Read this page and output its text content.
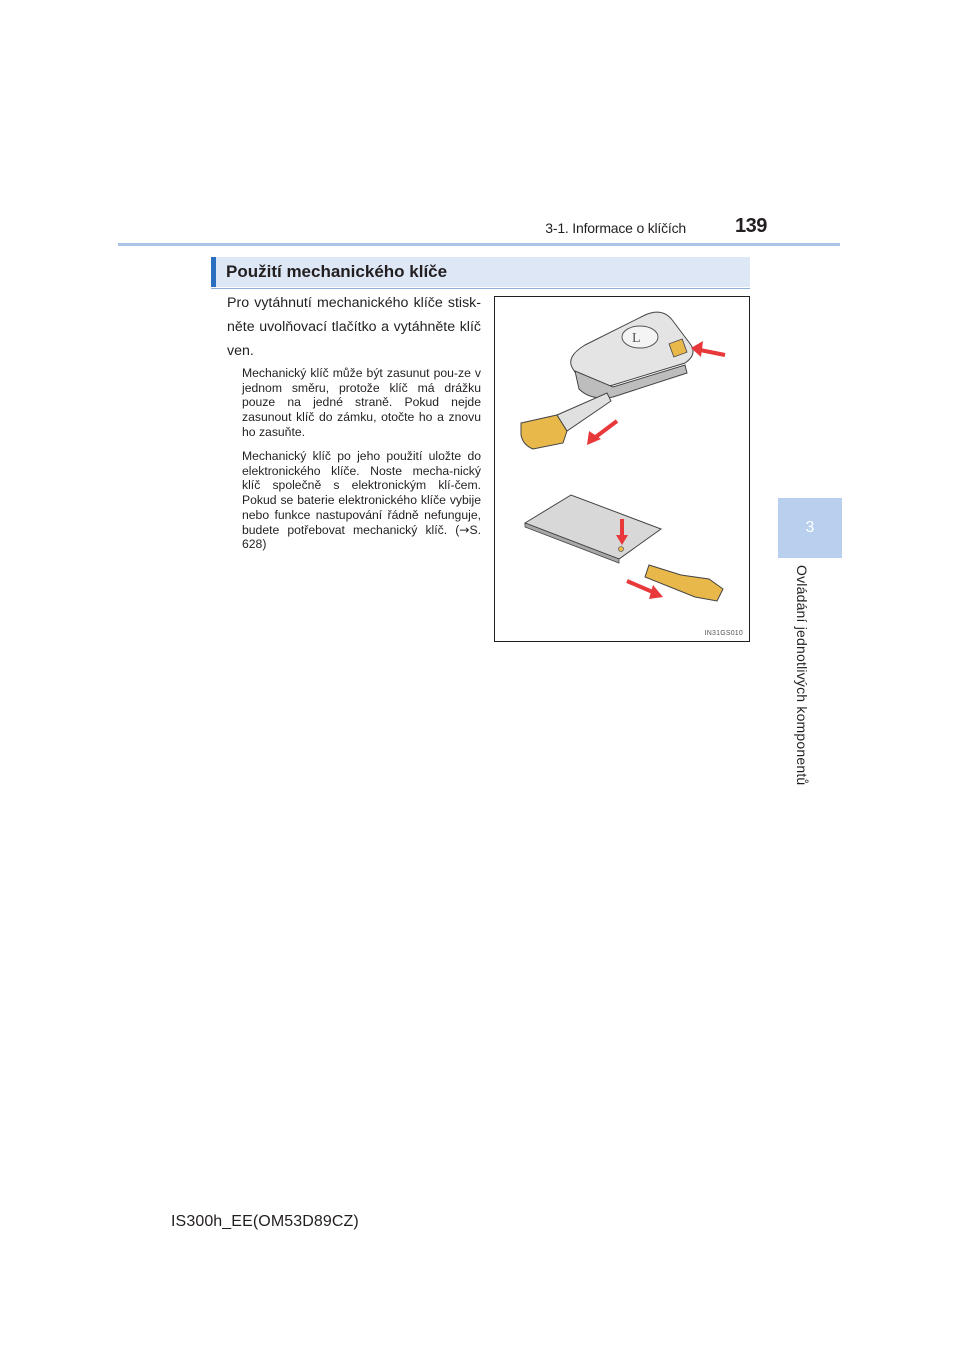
3-1. Informace o klíčích 139
3
Ovládání jednotlivých komponentů
Použití mechanického klíče
Pro vytáhnutí mechanického klíče stisk-něte uvolňovací tlačítko a vytáhněte klíč ven.
Mechanický klíč může být zasunut pou-ze v jednom směru, protože klíč má drážku pouze na jedné straně. Pokud nejde zasunout klíč do zámku, otočte ho a znovu ho zasuňte.
Mechanický klíč po jeho použití uložte do elektronického klíče. Noste mecha-nický klíč společně s elektronickým klí-čem. Pokud se baterie elektronického klíče vybije nebo funkce nastupování řádně nefunguje, budete potřebovat mechanický klíč. (→S. 628)
L
IN31GS010
IS300h_EE(OM53D89CZ)
